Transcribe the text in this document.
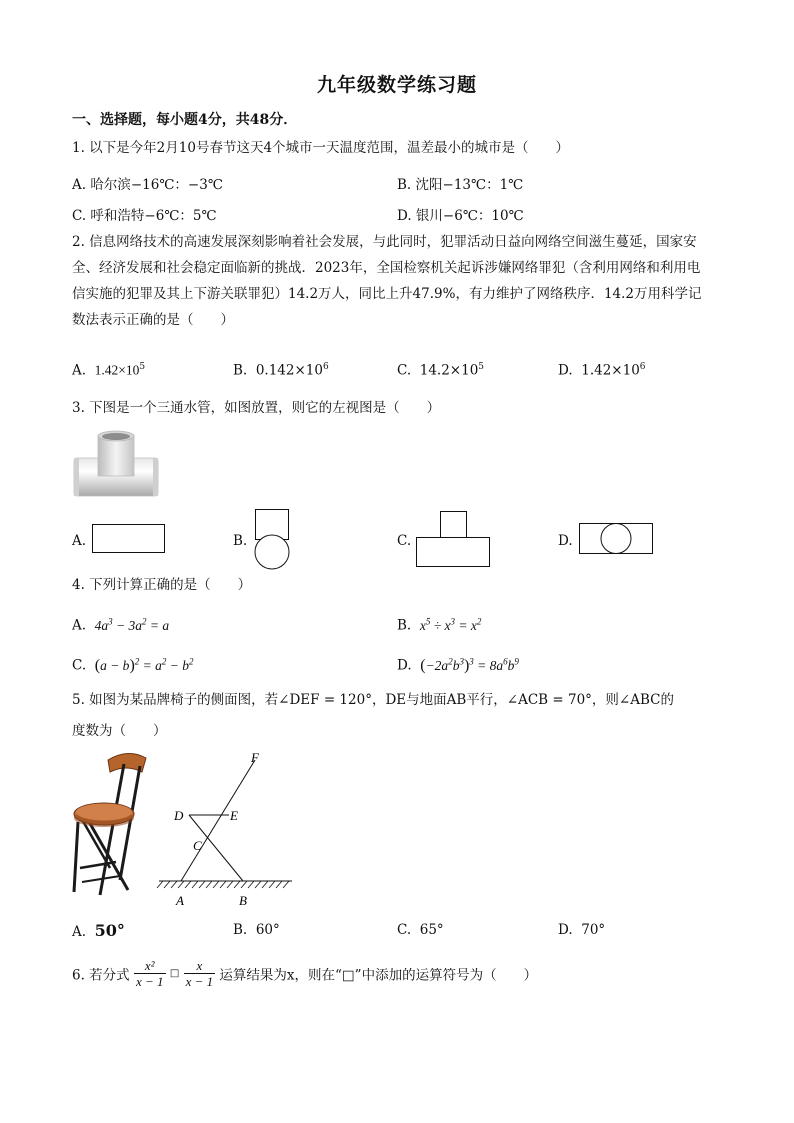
九年级数学练习题
一、选择题，每小题4分，共48分．
1. 以下是今年2月10号春节这天4个城市一天温度范围，温差最小的城市是（　　）
A. 哈尔滨−16℃：−3℃	B. 沈阳−13℃：1℃
C. 呼和浩特−6℃：5℃	D. 银川−6℃：10℃
2. 信息网络技术的高速发展深刻影响着社会发展，与此同时，犯罪活动日益向网络空间滋生蔓延，国家安
全、经济发展和社会稳定面临新的挑战．2023年，全国检察机关起诉涉嫌网络罪犯（含利用网络和利用电
信实施的犯罪及其上下游关联罪犯）14.2万人，同比上升47.9%，有力维护了网络秩序．14.2万用科学记
数法表示正确的是（　　）
A. $1.42\times 10^5$	B. $0.142\times 10^6$	C. $14.2\times 10^5$	D. $1.42\times 10^6$
3. 下图是一个三通水管，如图放置，则它的左视图是（　　）
A.	B.	C.	D.
4. 下列计算正确的是（　　）
A. $4a^3 - 3a^2 = a$	B. $x^5 \div x^3 = x^2$
C. $(a - b)^2 = a^2 - b^2$	D. $(-2a^2b^3)^3 = 8a^6b^9$
5. 如图为某品牌椅子的侧面图，若∠DEF = 120°，DE与地面AB平行，∠ACB = 70°，则∠ABC的
度数为（　　）
F
D	E
C
A	B
A. 50°	B. 60°	C. 65°	D. 70°
6. 若分式 $\frac{\text{x²}}{x - 1}$ □ $\frac{x}{x - 1}$ 运算结果为x，则在“□”中添加的运算符号为（　　）
